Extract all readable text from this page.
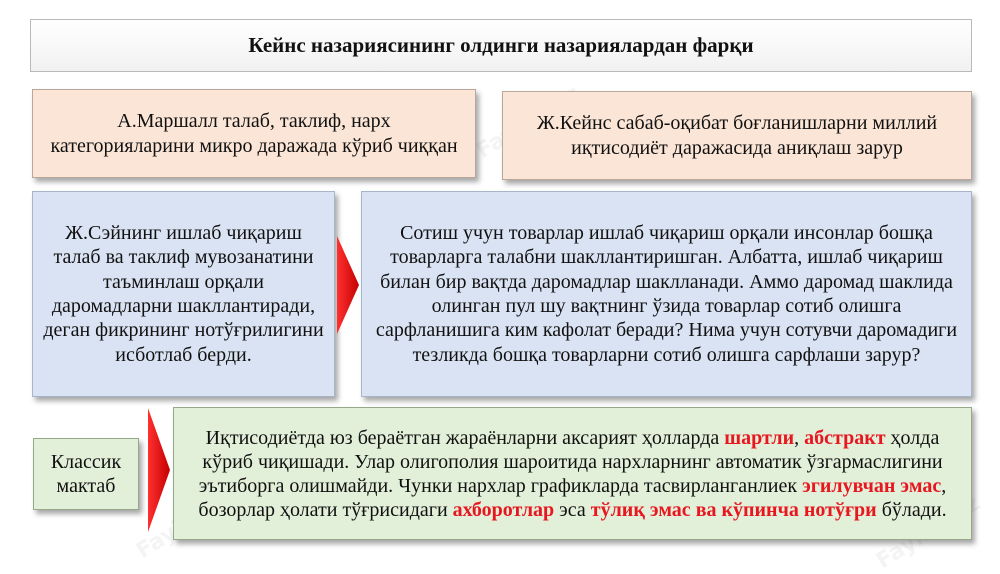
Кейнс назариясининг олдинги назариялардан фарқи
А.Маршалл талаб, таклиф, нарх категорияларини микро даражада кўриб чиққан
Ж.Кейнс сабаб-оқибат боғланишларни миллий иқтисодиёт даражасида аниқлаш зарур
Ж.Сэйнинг ишлаб чиқариш талаб ва таклиф мувозанатини таъминлаш орқали даромадларни шакллантиради, деган фикрининг нотўғрилигини исботлаб берди.
Сотиш учун товарлар ишлаб чиқариш орқали инсонлар бошқа товарларга талабни шакллантиришган. Албатта, ишлаб чиқариш билан бир вақтда даромадлар шаклланади. Аммо даромад шаклида олинган пул шу вақтнинг ўзида товарлар сотиб олишга сарфланишига ким кафолат беради? Нима учун сотувчи даромадиги тезликда бошқа товарларни сотиб олишга сарфлаши зарур?
Классик мактаб
Иқтисодиётда юз бераётган жараёнларни аксарият ҳолларда шартли, абстракт ҳолда кўриб чиқишади. Улар олигополия шароитида нархларнинг автоматик ўзгармаслигини эътиборга олишмайди. Чунки нархлар графикларда тасвирланганлиек эгилувчан эмас, бозорлар ҳолати тўғрисидаги ахборотлар эса тўлиқ эмас ва кўпинча нотўғри бўлади.
